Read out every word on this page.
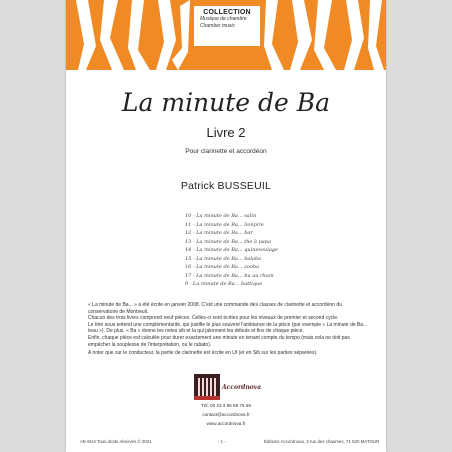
COLLECTION
Musique de chambre
Chamber music
La minute de Ba
Livre 2
Pour clarinette et accordéon
Patrick BUSSEUIL
10 - La minute de Ba... salin
11 - La minute de Ba... lionpire
12 - La minute de Ba... bar
13 - La minute de Ba... the à papa
14 - La minute de Ba... quinesoulage
15 - La minute de Ba... balaba
16 - La minute de Ba... zooba
17 - La minute de Ba... bu au rhum
9 - La minute de Ba... battique

« La minute de Ba... » a été écrite en janvier 2008. C'est une commande des classes de clarinette et accordéon du conservatoire de Montreuil.

Chacun des trois livres comprend neuf pièces. Celles-ci sont écrites pour les niveaux de premier et second cycle.

Le titre sous entend une complémentarité, qui justifie le plus souvent l'ambiance de la pièce (par exemple « La minute de Ba... teau »). De plus, « Ba » donne les notes sib et la qui jalonnent les débuts et fins de chaque pièce.

Enfin, chaque pièce est calculée pour durer exactement une minute en tenant compte du tempo (mais cela ne doit pas empêcher la souplesse de l'interprétation, ou le rubato).

A noter que sur le conducteur, la partie de clarinette est écrite en Ut (et en Sib sur les parties séparées).
Accordnova
Tél. 00 33 3 65 59 75 58
contact@accordnova.fr
www.accordnova.fr
AE-M14 Tous droits réservés © 2021	- 1 -	Éditions Accordnova, 3 rue des chaumes, 71 520 MATOUR
